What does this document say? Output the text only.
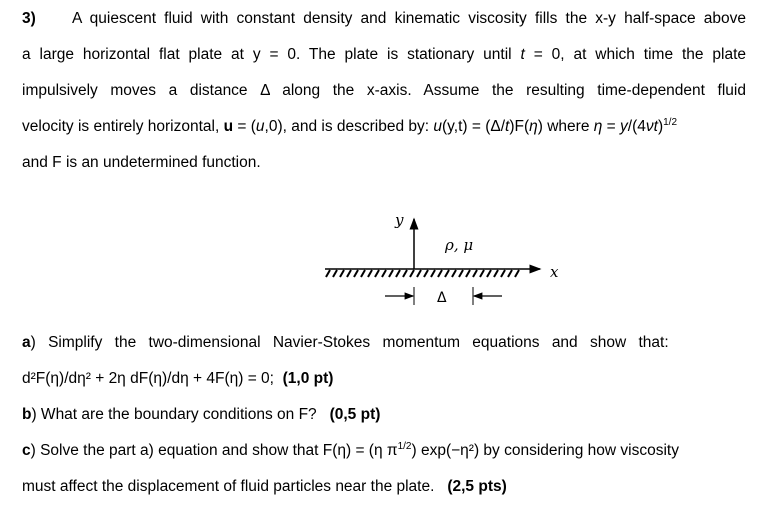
3) A quiescent fluid with constant density and kinematic viscosity fills the x-y half-space above
a large horizontal flat plate at y = 0. The plate is stationary until t = 0, at which time the plate
impulsively moves a distance Δ along the x-axis. Assume the resulting time-dependent fluid
velocity is entirely horizontal, u = (u,0), and is described by: u(y,t) = (Δ/t)F(η) where $\eta = y/(4\nu t)^{1/2}$
and F is an undetermined function.
y
x
ρ, μ
Δ
a) Simplify the two-dimensional Navier-Stokes momentum equations and show that:
d²F(η)/dη² + 2η dF(η)/dη + 4F(η) = 0; (1,0 pt)
b) What are the boundary conditions on F? (0,5 pt)
c) Solve the part a) equation and show that F(η) = (η $\pi^{1/2}$) exp(−η²) by considering how viscosity
must affect the displacement of fluid particles near the plate. (2,5 pts)
